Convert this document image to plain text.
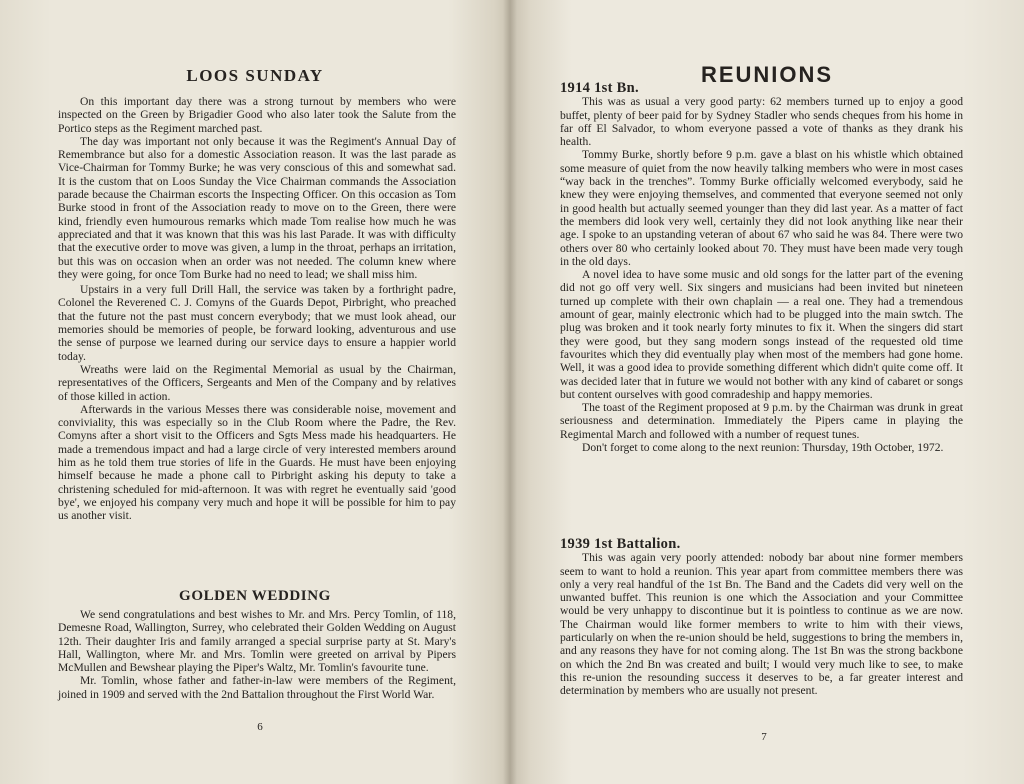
LOOS SUNDAY

On this important day there was a strong turnout by members who were inspected on the Green by Brigadier Good who also later took the Salute from the Portico steps as the Regiment marched past.

The day was important not only because it was the Regiment's Annual Day of Remembrance but also for a domestic Association reason. It was the last parade as Vice-Chairman for Tommy Burke; he was very conscious of this and somewhat sad. It is the custom that on Loos Sunday the Vice Chairman commands the Association parade because the Chairman escorts the Inspecting Officer. On this occasion as Tom Burke stood in front of the Association ready to move on to the Green, there were kind, friendly even humourous remarks which made Tom realise how much he was appreciated and that it was known that this was his last Parade. It was with difficulty that the executive order to move was given, a lump in the throat, perhaps an irritation, but this was on occasion when an order was not needed. The column knew where they were going, for once Tom Burke had no need to lead; we shall miss him.

Upstairs in a very full Drill Hall, the service was taken by a forthright padre, Colonel the Reverened C. J. Comyns of the Guards Depot, Pirbright, who preached that the future not the past must concern everybody; that we must look ahead, our memories should be memories of people, be forward looking, adventurous and use the sense of purpose we learned during our service days to ensure a happier world today.

Wreaths were laid on the Regimental Memorial as usual by the Chairman, representatives of the Officers, Sergeants and Men of the Company and by relatives of those killed in action.

Afterwards in the various Messes there was considerable noise, movement and conviviality, this was especially so in the Club Room where the Padre, the Rev. Comyns after a short visit to the Officers and Sgts Mess made his headquarters. He made a tremendous impact and had a large circle of very interested members around him as he told them true stories of life in the Guards. He must have been enjoying himself because he made a phone call to Pirbright asking his deputy to take a christening scheduled for mid-afternoon. It was with regret he eventually said 'good bye', we enjoyed his company very much and hope it will be possible for him to pay us another visit.

GOLDEN WEDDING

We send congratulations and best wishes to Mr. and Mrs. Percy Tomlin, of 118, Demesne Road, Wallington, Surrey, who celebrated their Golden Wedding on August 12th. Their daughter Iris and family arranged a special surprise party at St. Mary's Hall, Wallington, where Mr. and Mrs. Tomlin were greeted on arrival by Pipers McMullen and Bewshear playing the Piper's Waltz, Mr. Tomlin's favourite tune.

Mr. Tomlin, whose father and father-in-law were members of the Regiment, joined in 1909 and served with the 2nd Battalion throughout the First World War.

6
REUNIONS
1914 1st Bn.

This was as usual a very good party: 62 members turned up to enjoy a good buffet, plenty of beer paid for by Sydney Stadler who sends cheques from his home in far off El Salvador, to whom everyone passed a vote of thanks as they drank his health.

Tommy Burke, shortly before 9 p.m. gave a blast on his whistle which obtained some measure of quiet from the now heavily talking members who were in most cases “way back in the trenches”. Tommy Burke officially welcomed everybody, said he knew they were enjoying themselves, and commented that everyone seemed not only in good health but actually seemed younger than they did last year. As a matter of fact the members did look very well, certainly they did not look anything like near their age. I spoke to an upstanding veteran of about 67 who said he was 84. There were two others over 80 who certainly looked about 70. They must have been made very tough in the old days.

A novel idea to have some music and old songs for the latter part of the evening did not go off very well. Six singers and musicians had been invited but nineteen turned up complete with their own chaplain — a real one. They had a tremendous amount of gear, mainly electronic which had to be plugged into the main swtch. The plug was broken and it took nearly forty minutes to fix it. When the singers did start they were good, but they sang modern songs instead of the requested old time favourites which they did eventually play when most of the members had gone home. Well, it was a good idea to provide something different which didn't quite come off. It was decided later that in future we would not bother with any kind of cabaret or songs but content ourselves with good comradeship and happy memories.

The toast of the Regiment proposed at 9 p.m. by the Chairman was drunk in great seriousness and determination. Immediately the Pipers came in playing the Regimental March and followed with a number of request tunes.

Don't forget to come along to the next reunion: Thursday, 19th October, 1972.

1939 1st Battalion.

This was again very poorly attended: nobody bar about nine former members seem to want to hold a reunion. This year apart from committee members there was only a very real handful of the 1st Bn. The Band and the Cadets did very well on the unwanted buffet. This reunion is one which the Association and your Committee would be very unhappy to discontinue but it is pointless to continue as we are now. The Chairman would like former members to write to him with their views, particularly on when the re-union should be held, suggestions to bring the members in, and any reasons they have for not coming along. The 1st Bn was the strong backbone on which the 2nd Bn was created and built; I would very much like to see, to make this re-union the resounding success it deserves to be, a far greater interest and determination by members who are usually not present.

7
